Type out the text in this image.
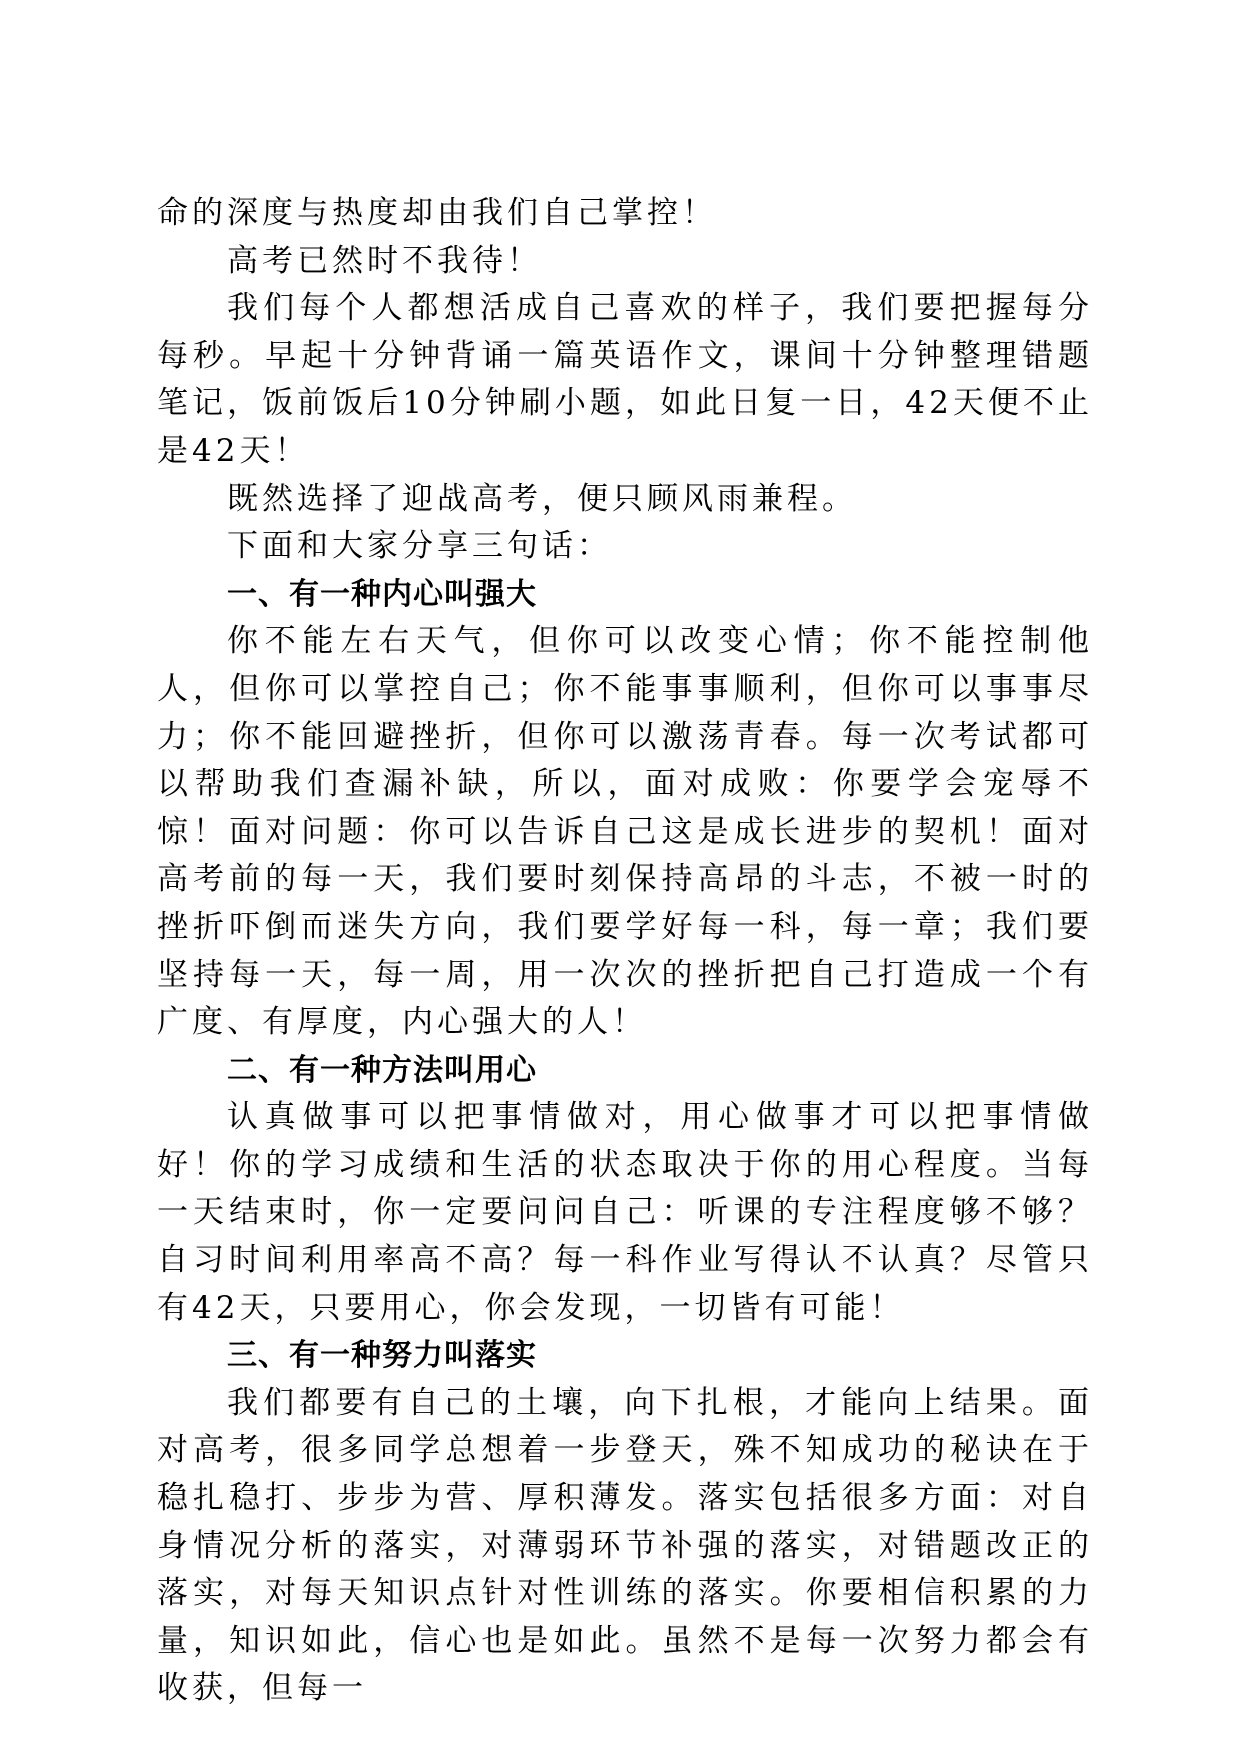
命的深度与热度却由我们自己掌控！

高考已然时不我待！

我们每个人都想活成自己喜欢的样子，我们要把握每分每秒。早起十分钟背诵一篇英语作文，课间十分钟整理错题笔记，饭前饭后10分钟刷小题，如此日复一日，42天便不止是42天！

既然选择了迎战高考，便只顾风雨兼程。

下面和大家分享三句话：

一、有一种内心叫强大

你不能左右天气，但你可以改变心情；你不能控制他人，但你可以掌控自己；你不能事事顺利，但你可以事事尽力；你不能回避挫折，但你可以激荡青春。每一次考试都可以帮助我们查漏补缺，所以，面对成败：你要学会宠辱不惊！面对问题：你可以告诉自己这是成长进步的契机！面对高考前的每一天，我们要时刻保持高昂的斗志，不被一时的挫折吓倒而迷失方向，我们要学好每一科，每一章；我们要坚持每一天，每一周，用一次次的挫折把自己打造成一个有广度、有厚度，内心强大的人！

二、有一种方法叫用心

认真做事可以把事情做对，用心做事才可以把事情做好！你的学习成绩和生活的状态取决于你的用心程度。当每一天结束时，你一定要问问自己：听课的专注程度够不够？自习时间利用率高不高？每一科作业写得认不认真？尽管只有42天，只要用心，你会发现，一切皆有可能！

三、有一种努力叫落实

我们都要有自己的土壤，向下扎根，才能向上结果。面对高考，很多同学总想着一步登天，殊不知成功的秘诀在于稳扎稳打、步步为营、厚积薄发。落实包括很多方面：对自身情况分析的落实，对薄弱环节补强的落实，对错题改正的落实，对每天知识点针对性训练的落实。你要相信积累的力量，知识如此，信心也是如此。虽然不是每一次努力都会有收获，但每一
